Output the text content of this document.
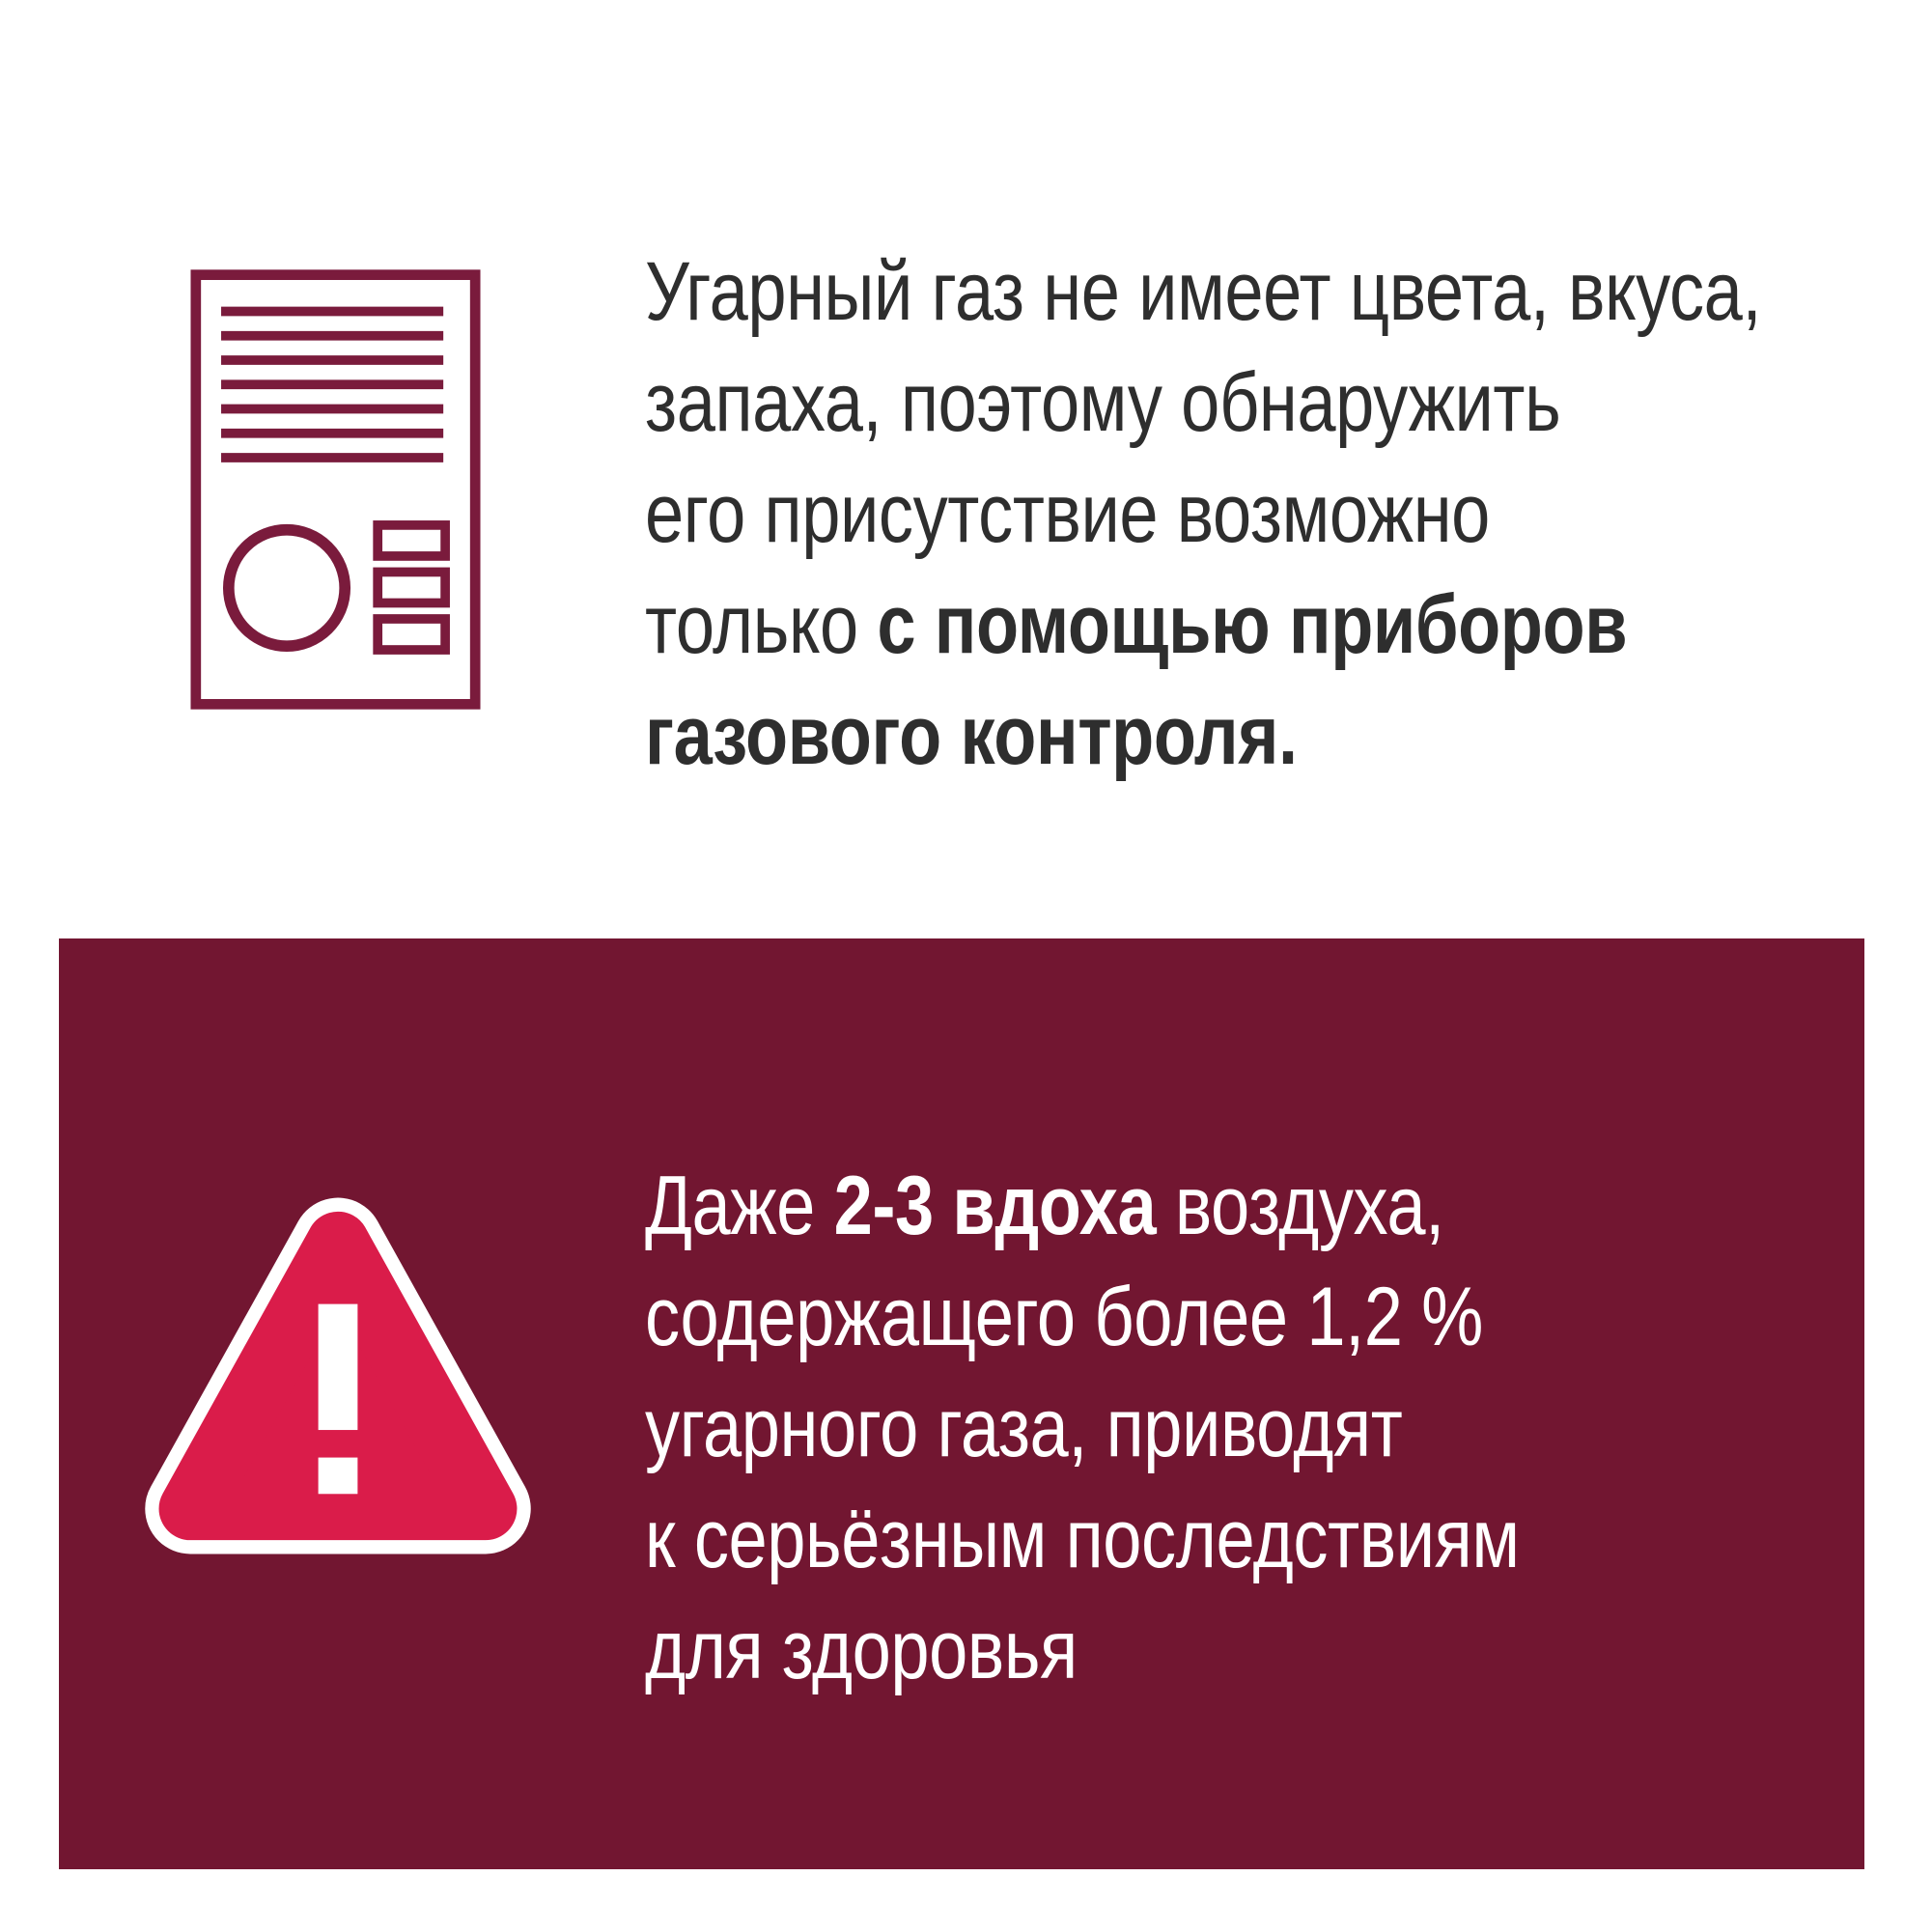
Угарный газ не имеет цвета, вкуса,
запаха, поэтому обнаружить
его присутствие возможно
только с помощью приборов
газового контроля.
Даже 2-3 вдоха воздуха,
содержащего более 1,2 %
угарного газа, приводят
к серьёзным последствиям
для здоровья
